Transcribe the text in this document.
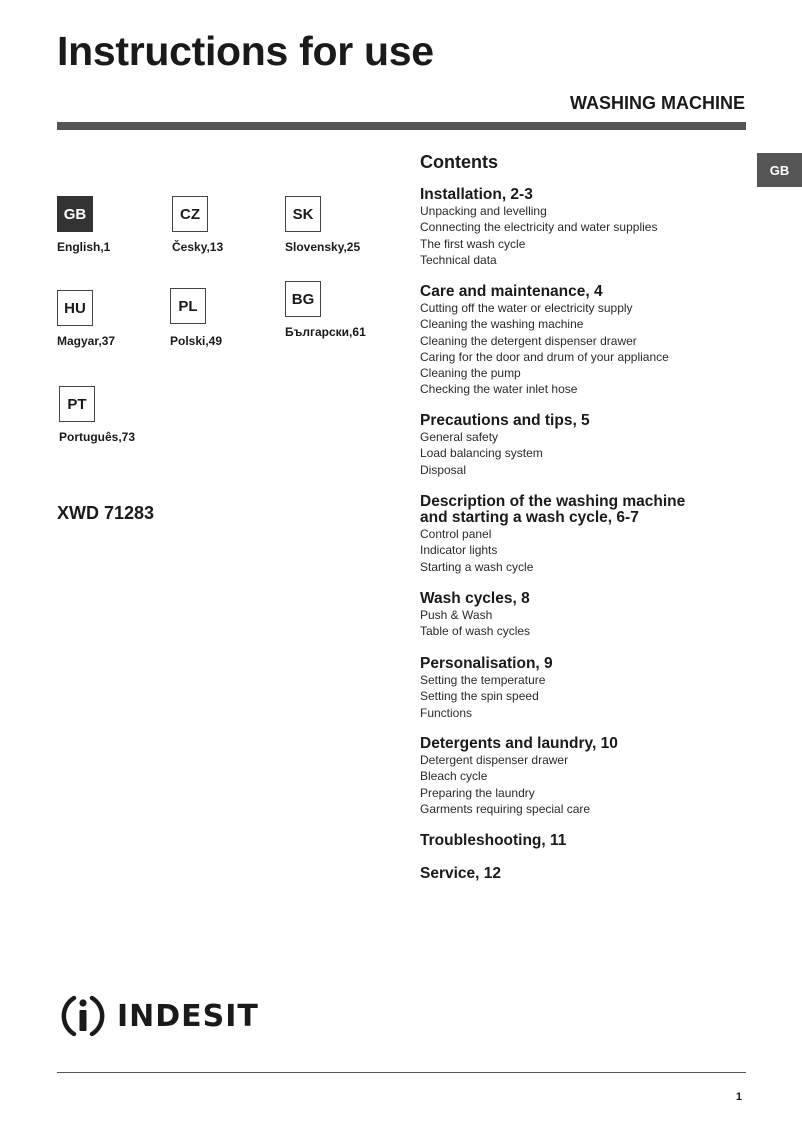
Instructions for use
WASHING MACHINE
GB
GB
English,1
CZ
Česky,13
SK
Slovensky,25
HU
Magyar,37
PL
Polski,49
BG
Български,61
PT
Português,73
XWD 71283
Contents
Installation, 2-3
Unpacking and levelling
Connecting the electricity and water supplies
The first wash cycle
Technical data
Care and maintenance, 4
Cutting off the water or electricity supply
Cleaning the washing machine
Cleaning the detergent dispenser drawer
Caring for the door and drum of your appliance
Cleaning the pump
Checking the water inlet hose
Precautions and tips, 5
General safety
Load balancing system
Disposal
Description of the washing machine
and starting a wash cycle, 6-7
Control panel
Indicator lights
Starting a wash cycle
Wash cycles, 8
Push & Wash
Table of wash cycles
Personalisation, 9
Setting the temperature
Setting the spin speed
Functions
Detergents and laundry, 10
Detergent dispenser drawer
Bleach cycle
Preparing the laundry
Garments requiring special care
Troubleshooting, 11
Service, 12
INDESIT
1
